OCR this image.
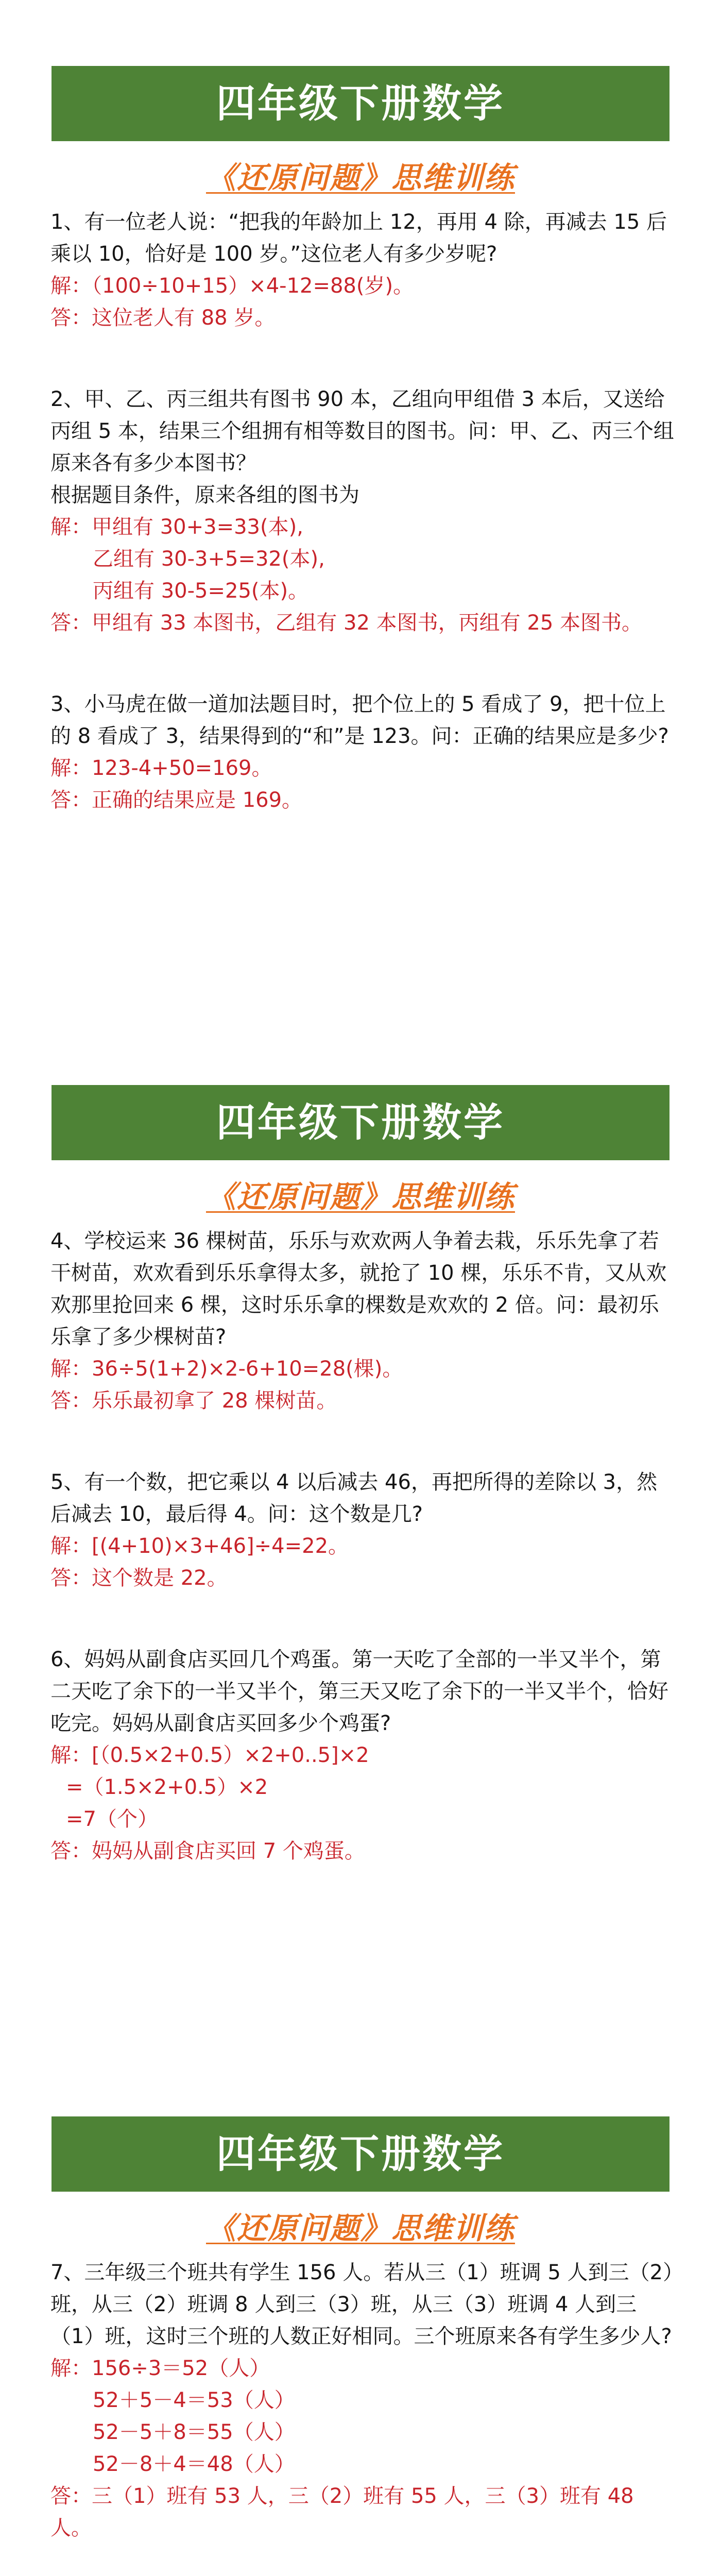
四年级下册数学
《还原问题》思维训练
1、有一位老人说：“把我的年龄加上 12，再用 4 除，再减去 15 后乘以 10，恰好是 100 岁。”这位老人有多少岁呢?
解：（100÷10+15）×4-12=88(岁)。
答：这位老人有 88 岁。
2、甲、乙、丙三组共有图书 90 本，乙组向甲组借 3 本后，又送给丙组 5 本，结果三个组拥有相等数目的图书。问：甲、乙、丙三个组原来各有多少本图书？
根据题目条件，原来各组的图书为
解：甲组有 30+3=33(本),
乙组有 30-3+5=32(本),
丙组有 30-5=25(本)。
答：甲组有 33 本图书，乙组有 32 本图书，丙组有 25 本图书。
3、小马虎在做一道加法题目时，把个位上的 5 看成了 9，把十位上的 8 看成了 3，结果得到的“和”是 123。问：正确的结果应是多少?
解：123-4+50=169。
答：正确的结果应是 169。
四年级下册数学
《还原问题》思维训练
4、学校运来 36 棵树苗，乐乐与欢欢两人争着去栽，乐乐先拿了若干树苗，欢欢看到乐乐拿得太多，就抢了 10 棵，乐乐不肯，又从欢欢那里抢回来 6 棵，这时乐乐拿的棵数是欢欢的 2 倍。问：最初乐乐拿了多少棵树苗?
解：36÷5(1+2)×2-6+10=28(棵)。
答：乐乐最初拿了 28 棵树苗。
5、有一个数，把它乘以 4 以后减去 46，再把所得的差除以 3，然后减去 10，最后得 4。问：这个数是几?
解：[(4+10)×3+46]÷4=22。
答：这个数是 22。
6、妈妈从副食店买回几个鸡蛋。第一天吃了全部的一半又半个，第二天吃了余下的一半又半个，第三天又吃了余下的一半又半个，恰好吃完。妈妈从副食店买回多少个鸡蛋?
解：[（0.5×2+0.5）×2+0..5]×2
=（1.5×2+0.5）×2
=7（个）
答：妈妈从副食店买回 7 个鸡蛋。
四年级下册数学
《还原问题》思维训练
7、三年级三个班共有学生 156 人。若从三（1）班调 5 人到三（2）班，从三（2）班调 8 人到三（3）班，从三（3）班调 4 人到三（1）班，这时三个班的人数正好相同。三个班原来各有学生多少人?
解：156÷3＝52（人）
52＋5－4＝53（人）
52－5＋8＝55（人）
52－8＋4＝48（人）
答：三（1）班有 53 人，三（2）班有 55 人，三（3）班有 48 人。
